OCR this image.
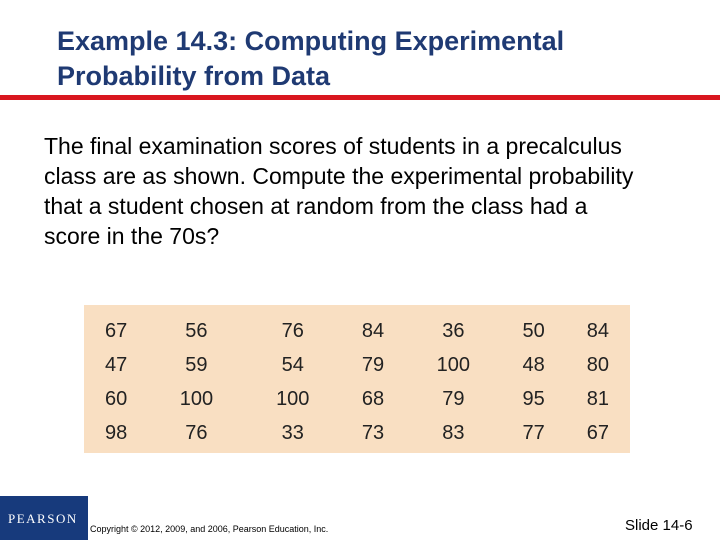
Example 14.3: Computing Experimental Probability from Data

The final examination scores of students in a precalculus class are as shown. Compute the experimental probability that a student chosen at random from the class had a score in the 70s?

67	56	76	84	36	50	84
47	59	54	79	100	48	80
60	100	100	68	79	95	81
98	76	33	73	83	77	67
PEARSON
Copyright © 2012, 2009, and 2006, Pearson Education, Inc.	Slide 14-6
